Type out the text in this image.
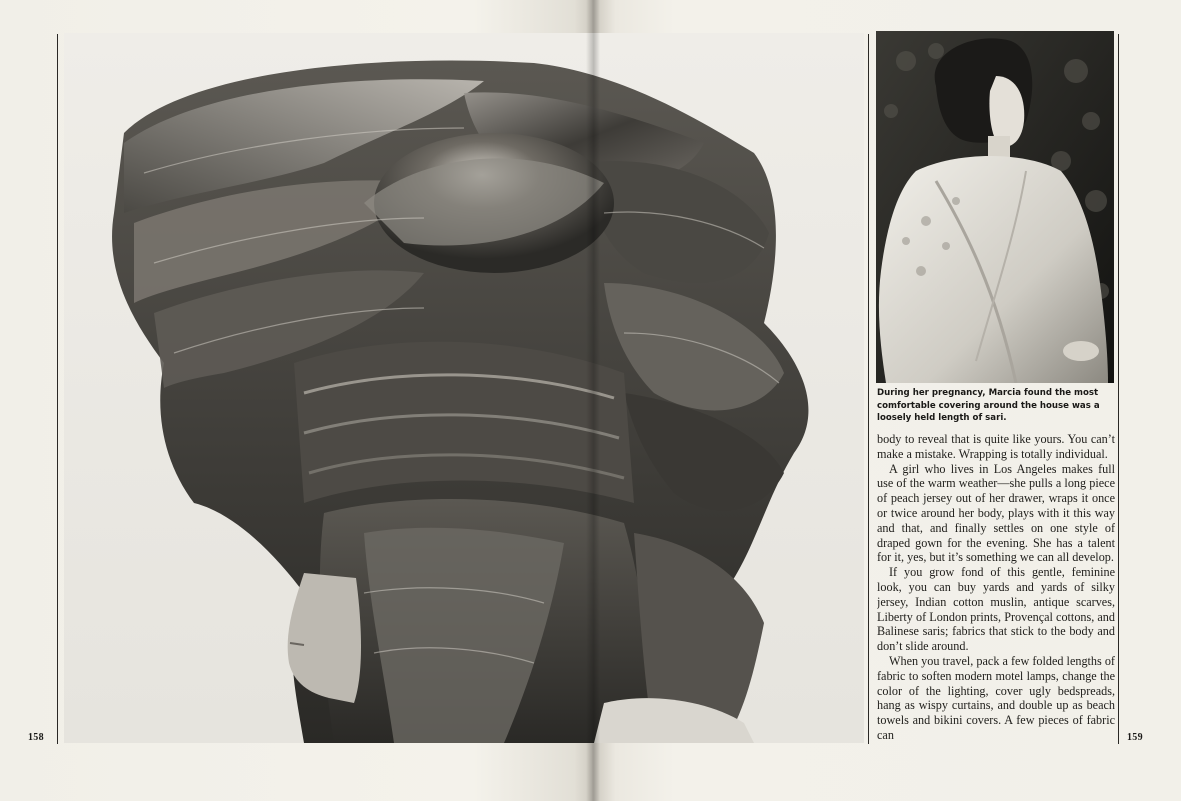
158	159
During her pregnancy, Marcia found the most comfortable covering around the house was a loosely held length of sari.

body to reveal that is quite like yours. You can’t make a mistake. Wrapping is totally individual.

A girl who lives in Los Angeles makes full use of the warm weather—she pulls a long piece of peach jersey out of her drawer, wraps it once or twice around her body, plays with it this way and that, and finally settles on one style of draped gown for the evening. She has a talent for it, yes, but it’s something we can all develop.

If you grow fond of this gentle, feminine look, you can buy yards and yards of silky jersey, Indian cotton muslin, antique scarves, Liberty of London prints, Provençal cottons, and Balinese saris; fabrics that stick to the body and don’t slide around.

When you travel, pack a few folded lengths of fabric to soften modern motel lamps, change the color of the lighting, cover ugly bedspreads, hang as wispy curtains, and double up as beach towels and bikini covers. A few pieces of fabric can
